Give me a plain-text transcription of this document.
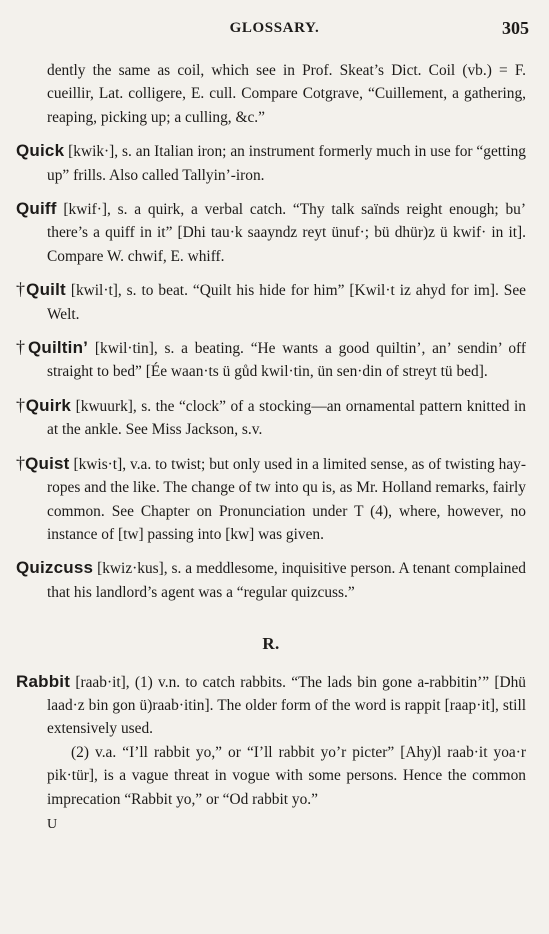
GLOSSARY.	305

dently the same as coil, which see in Prof. Skeat’s Dict. Coil (vb.) = F. cueillir, Lat. colligere, E. cull. Compare Cotgrave, “Cuillement, a gathering, reaping, picking up; a culling, &c.”

Quick [kwik·], s. an Italian iron; an instrument formerly much in use for “getting up” frills. Also called Tallyin’-iron.

Quiff [kwif·], s. a quirk, a verbal catch. “Thy talk saïnds reight enough; bu’ there’s a quiff in it” [Dhi tau·k saayndz reyt ünuf·; bü dhür)z ü kwif· in it]. Compare W. chwif, E. whiff.

†Quilt [kwil·t], s. to beat. “Quilt his hide for him” [Kwil·t iz ahyd for im]. See Welt.

†Quiltin’ [kwil·tin], s. a beating. “He wants a good quiltin’, an’ sendin’ off straight to bed” [Ée waan·ts ü gůd kwil·tin, ün sen·din of streyt tü bed].

†Quirk [kwuurk], s. the “clock” of a stocking—an ornamental pattern knitted in at the ankle. See Miss Jackson, s.v.

†Quist [kwis·t], v.a. to twist; but only used in a limited sense, as of twisting hay-ropes and the like. The change of tw into qu is, as Mr. Holland remarks, fairly common. See Chapter on Pronunciation under T (4), where, however, no instance of [tw] passing into [kw] was given.

Quizcuss [kwiz·kus], s. a meddlesome, inquisitive person. A tenant complained that his landlord’s agent was a “regular quizcuss.”

R.

Rabbit [raab·it], (1) v.n. to catch rabbits. “The lads bin gone a-rabbitin’” [Dhü laad·z bin gon ü)raab·itin]. The older form of the word is rappit [raap·it], still extensively used.

(2) v.a. “I’ll rabbit yo,” or “I’ll rabbit yo’r picter” [Ahy)l raab·it yoa·r pik·tür], is a vague threat in vogue with some persons. Hence the common imprecation “Rabbit yo,” or “Od rabbit yo.”

U
